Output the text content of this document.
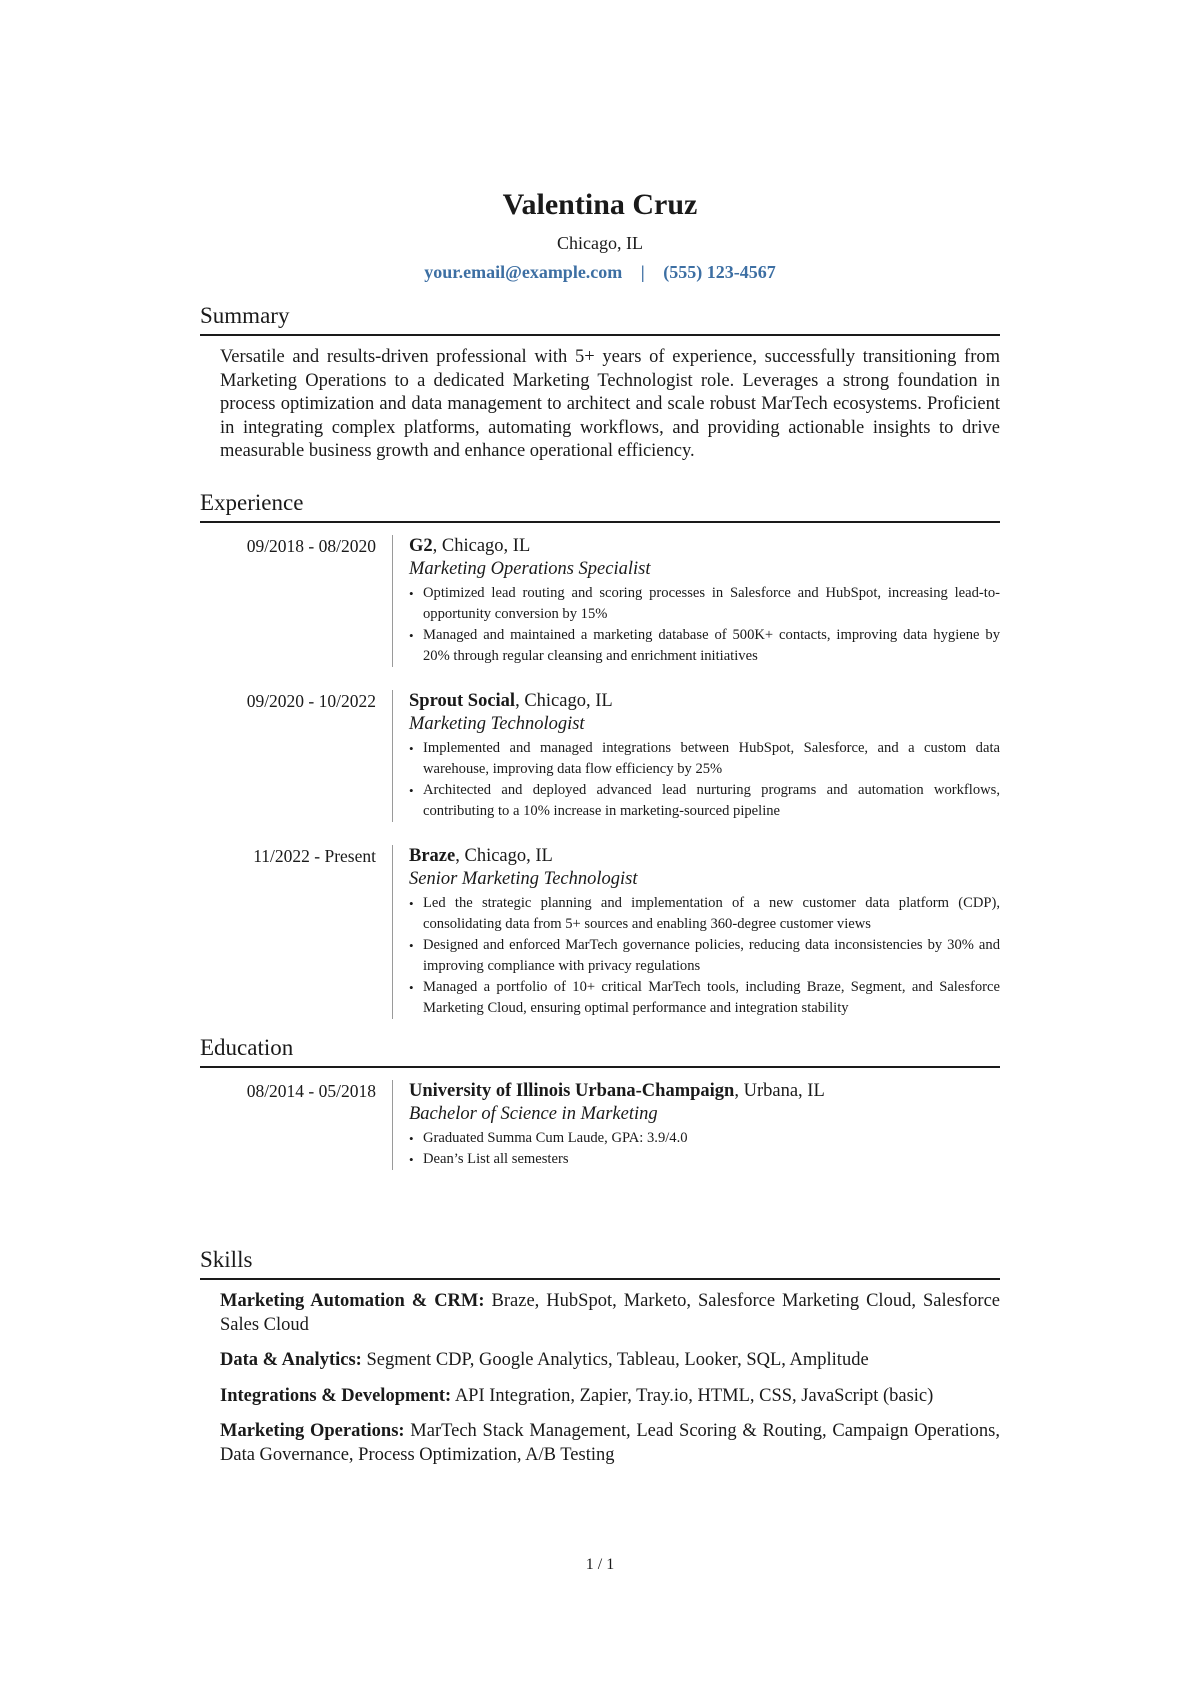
Valentina Cruz
Chicago, IL
your.email@example.com | (555) 123-4567
Summary

Versatile and results-driven professional with 5+ years of experience, successfully transitioning from Marketing Operations to a dedicated Marketing Technologist role. Leverages a strong foundation in process optimization and data management to architect and scale robust MarTech ecosystems. Proficient in integrating complex platforms, automating workflows, and providing actionable insights to drive measurable business growth and enhance operational efficiency.

Experience
09/2018 - 08/2020 G2, Chicago, IL
Marketing Operations Specialist
• Optimized lead routing and scoring processes in Salesforce and HubSpot, increasing lead-to-opportunity conversion by 15%
• Managed and maintained a marketing database of 500K+ contacts, improving data hygiene by 20% through regular cleansing and enrichment initiatives
09/2020 - 10/2022 Sprout Social, Chicago, IL
Marketing Technologist
• Implemented and managed integrations between HubSpot, Salesforce, and a custom data warehouse, improving data flow efficiency by 25%
• Architected and deployed advanced lead nurturing programs and automation workflows, contributing to a 10% increase in marketing-sourced pipeline
11/2022 - Present Braze, Chicago, IL
Senior Marketing Technologist
• Led the strategic planning and implementation of a new customer data platform (CDP), consolidating data from 5+ sources and enabling 360-degree customer views
• Designed and enforced MarTech governance policies, reducing data inconsistencies by 30% and improving compliance with privacy regulations
• Managed a portfolio of 10+ critical MarTech tools, including Braze, Segment, and Salesforce Marketing Cloud, ensuring optimal performance and integration stability
Education
08/2014 - 05/2018 University of Illinois Urbana-Champaign, Urbana, IL
Bachelor of Science in Marketing
• Graduated Summa Cum Laude, GPA: 3.9/4.0
• Dean’s List all semesters
Skills

Marketing Automation & CRM: Braze, HubSpot, Marketo, Salesforce Marketing Cloud, Salesforce Sales Cloud

Data & Analytics: Segment CDP, Google Analytics, Tableau, Looker, SQL, Amplitude

Integrations & Development: API Integration, Zapier, Tray.io, HTML, CSS, JavaScript (basic)

Marketing Operations: MarTech Stack Management, Lead Scoring & Routing, Campaign Operations, Data Governance, Process Optimization, A/B Testing

1 / 1
